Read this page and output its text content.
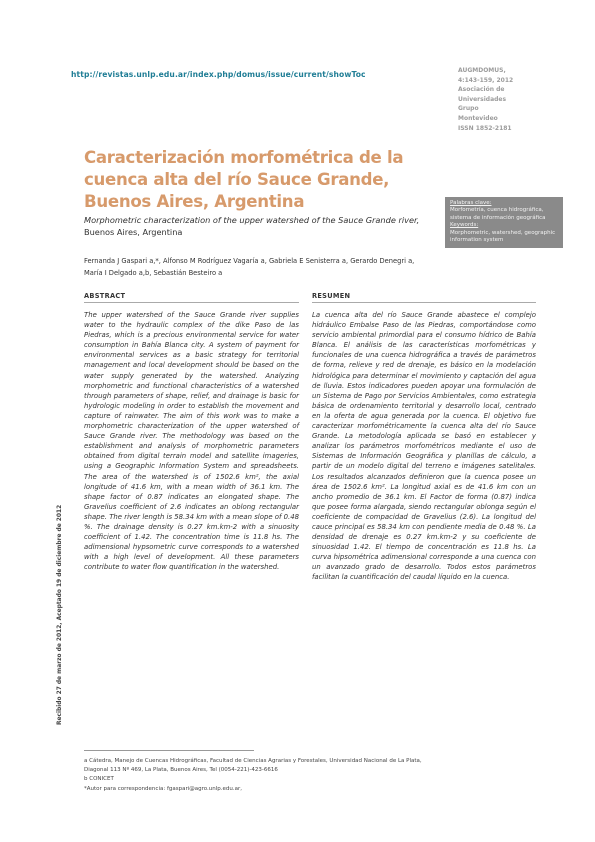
http://revistas.unlp.edu.ar/index.php/domus/issue/current/showToc	AUGMDOMUS,
4:143-159, 2012
Asociación de
Universidades
Grupo
Montevideo
ISSN 1852-2181
Caracterización morfométrica de la cuenca alta del río Sauce Grande, Buenos Aires, Argentina
Morphometric characterization of the upper watershed of the Sauce Grande river, Buenos Aires, Argentina
Fernanda J Gaspari a,*, Alfonso M Rodríguez Vagaría a, Gabriela E Senisterra a, Gerardo Denegri a, María I Delgado a,b, Sebastián Besteiro a
Palabras clave:
Morfometría, cuenca hidrográfica, sistema de información geográfica
Keywords:
Morphometric, watershed, geographic information system
Recibido 27 de marzo de 2012, Aceptado 19 de diciembre de 2012
ABSTRACT
The upper watershed of the Sauce Grande river supplies water to the hydraulic complex of the dike Paso de las Piedras, which is a precious environmental service for water consumption in Bahía Blanca city. A system of payment for environmental services as a basic strategy for territorial management and local development should be based on the water supply generated by the watershed. Analyzing morphometric and functional characteristics of a watershed through parameters of shape, relief, and drainage is basic for hydrologic modeling in order to establish the movement and capture of rainwater. The aim of this work was to make a morphometric characterization of the upper watershed of Sauce Grande river. The methodology was based on the establishment and analysis of morphometric parameters obtained from digital terrain model and satellite imageries, using a Geographic Information System and spreadsheets. The area of the watershed is of 1502.6 km², the axial longitude of 41.6 km, with a mean width of 36.1 km. The shape factor of 0.87 indicates an elongated shape. The Gravelius coefficient of 2.6 indicates an oblong rectangular shape. The river length is 58.34 km with a mean slope of 0.48 %. The drainage density is 0.27 km.km-2 with a sinuosity coefficient of 1.42. The concentration time is 11.8 hs. The adimensional hypsometric curve corresponds to a watershed with a high level of development. All these parameters contribute to water flow quantification in the watershed.
RESUMEN
La cuenca alta del río Sauce Grande abastece el complejo hidráulico Embalse Paso de las Piedras, comportándose como servicio ambiental primordial para el consumo hídrico de Bahía Blanca. El análisis de las características morfométricas y funcionales de una cuenca hidrográfica a través de parámetros de forma, relieve y red de drenaje, es básico en la modelación hidrológica para determinar el movimiento y captación del agua de lluvia. Estos indicadores pueden apoyar una formulación de un Sistema de Pago por Servicios Ambientales, como estrategia básica de ordenamiento territorial y desarrollo local, centrado en la oferta de agua generada por la cuenca. El objetivo fue caracterizar morfométricamente la cuenca alta del río Sauce Grande. La metodología aplicada se basó en establecer y analizar los parámetros morfométricos mediante el uso de Sistemas de Información Geográfica y planillas de cálculo, a partir de un modelo digital del terreno e imágenes satelitales. Los resultados alcanzados definieron que la cuenca posee un área de 1502.6 km². La longitud axial es de 41.6 km con un ancho promedio de 36.1 km. El Factor de forma (0.87) indica que posee forma alargada, siendo rectangular oblonga según el coeficiente de compacidad de Gravelius (2.6). La longitud del cauce principal es 58.34 km con pendiente media de 0.48 %. La densidad de drenaje es 0.27 km.km-2 y su coeficiente de sinuosidad 1.42. El tiempo de concentración es 11.8 hs. La curva hipsométrica adimensional corresponde a una cuenca con un avanzado grado de desarrollo. Todos estos parámetros facilitan la cuantificación del caudal líquido en la cuenca.
a Cátedra, Manejo de Cuencas Hidrográficas, Facultad de Ciencias Agrarias y Forestales, Universidad Nacional de La Plata,
Diagonal 113 Nº 469, La Plata, Buenos Aires, Tel (0054-221)-423-6616
b CONICET
*Autor para correspondencia: fgaspari@agro.unlp.edu.ar,
